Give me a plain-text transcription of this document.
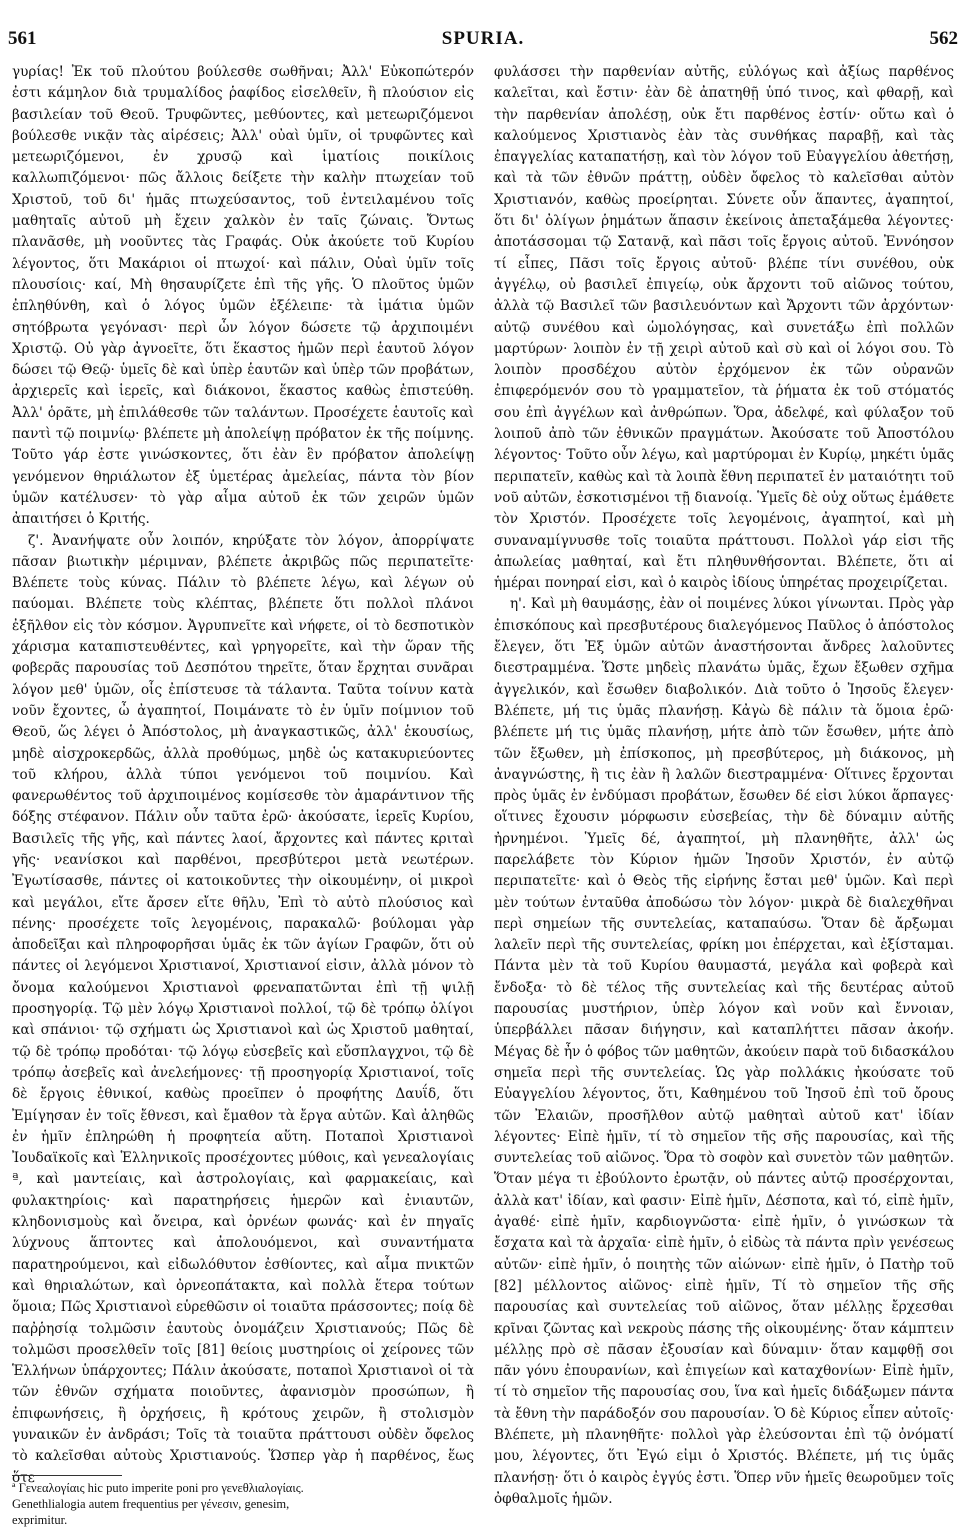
561	SPURIA.	562

γυρίας! Ἐκ τοῦ πλούτου βούλεσθε σωθῆναι; Ἀλλ' Εὐκοπώτερόν ἐστι κάμηλον διὰ τρυμαλίδος ῥαφίδος εἰσελθεῖν, ἢ πλούσιον εἰς βασιλείαν τοῦ Θεοῦ. Τρυφῶντες, μεθύοντες, καὶ μετεωριζόμενοι βούλεσθε νικᾷν τὰς αἱρέσεις; Ἀλλ' οὐαὶ ὑμῖν, οἱ τρυφῶντες καὶ μετεωριζόμενοι, ἐν χρυσῷ καὶ ἱματίοις ποικίλοις καλλωπιζόμενοι· πῶς ἄλλοις δείξετε τὴν καλὴν πτωχείαν τοῦ Χριστοῦ, τοῦ δι' ἡμᾶς πτωχεύσαντος, τοῦ ἐντειλαμένου τοῖς μαθηταῖς αὐτοῦ μὴ ἔχειν χαλκὸν ἐν ταῖς ζώναις. Ὄντως πλανᾶσθε, μὴ νοοῦντες τὰς Γραφάς. Οὐκ ἀκούετε τοῦ Κυρίου λέγοντος, ὅτι Μακάριοι οἱ πτωχοί· καὶ πάλιν, Οὐαὶ ὑμῖν τοῖς πλουσίοις· καί, Μὴ θησαυρίζετε ἐπὶ τῆς γῆς. Ὁ πλοῦτος ὑμῶν ἐπληθύνθη, καὶ ὁ λόγος ὑμῶν ἐξέλειπε· τὰ ἱμάτια ὑμῶν σητόβρωτα γεγόνασι· περὶ ὧν λόγον δώσετε τῷ ἀρχιποιμένι Χριστῷ. Οὐ γὰρ ἀγνοεῖτε, ὅτι ἕκαστος ἡμῶν περὶ ἑαυτοῦ λόγον δώσει τῷ Θεῷ· ὑμεῖς δὲ καὶ ὑπὲρ ἑαυτῶν καὶ ὑπὲρ τῶν προβάτων, ἀρχιερεῖς καὶ ἱερεῖς, καὶ διάκονοι, ἕκαστος καθὼς ἐπιστεύθη. Ἀλλ' ὁρᾶτε, μὴ ἐπιλάθεσθε τῶν ταλάντων. Προσέχετε ἑαυτοῖς καὶ παντὶ τῷ ποιμνίῳ· βλέπετε μὴ ἀπολείψῃ πρόβατον ἐκ τῆς ποίμνης. Τοῦτο γάρ ἐστε γινώσκοντες, ὅτι ἐὰν ἓν πρόβατον ἀπολείψῃ γενόμενον θηριάλωτον ἐξ ὑμετέρας ἀμελείας, πάντα τὸν βίον ὑμῶν κατέλυσεν· τὸ γὰρ αἷμα αὐτοῦ ἐκ τῶν χειρῶν ὑμῶν ἀπαιτήσει ὁ Κριτής.

ζ'. Ἀνανήψατε οὖν λοιπόν, κηρύξατε τὸν λόγον, ἀπορρίψατε πᾶσαν βιωτικὴν μέριμναν, βλέπετε ἀκριβῶς πῶς περιπατεῖτε· Βλέπετε τοὺς κύνας. Πάλιν τὸ βλέπετε λέγω, καὶ λέγων οὐ παύομαι. Βλέπετε τοὺς κλέπτας, βλέπετε ὅτι πολλοὶ πλάνοι ἐξῆλθον εἰς τὸν κόσμον. Ἀγρυπνεῖτε καὶ νήφετε, οἱ τὸ δεσποτικὸν χάρισμα καταπιστευθέντες, καὶ γρηγορεῖτε, καὶ τὴν ὥραν τῆς φοβερᾶς παρουσίας τοῦ Δεσπότου τηρεῖτε, ὅταν ἔρχηται συνᾶραι λόγον μεθ' ὑμῶν, οἷς ἐπίστευσε τὰ τάλαντα. Ταῦτα τοίνυν κατὰ νοῦν ἔχοντες, ὦ ἀγαπητοί, Ποιμάνατε τὸ ἐν ὑμῖν ποίμνιον τοῦ Θεοῦ, ὥς λέγει ὁ Ἀπόστολος, μὴ ἀναγκαστικῶς, ἀλλ' ἑκουσίως, μηδὲ αἰσχροκερδῶς, ἀλλὰ προθύμως, μηδὲ ὡς κατακυριεύοντες τοῦ κλήρου, ἀλλὰ τύποι γενόμενοι τοῦ ποιμνίου. Καὶ φανερωθέντος τοῦ ἀρχιποιμένος κομίσεσθε τὸν ἀμαράντινον τῆς δόξης στέφανον. Πάλιν οὖν ταῦτα ἐρῶ· ἀκούσατε, ἱερεῖς Κυρίου, Βασιλεῖς τῆς γῆς, καὶ πάντες λαοί, ἄρχοντες καὶ πάντες κριταὶ γῆς· νεανίσκοι καὶ παρθένοι, πρεσβύτεροι μετὰ νεωτέρων. Ἐγωτίσασθε, πάντες οἱ κατοικοῦντες τὴν οἰκουμένην, οἱ μικροὶ καὶ μεγάλοι, εἴτε ἄρσεν εἴτε θῆλυ, Ἐπὶ τὸ αὐτὸ πλούσιος καὶ πένης· προσέχετε τοῖς λεγομένοις, παρακαλῶ· βούλομαι γὰρ ἀποδεῖξαι καὶ πληροφορῆσαι ὑμᾶς ἐκ τῶν ἁγίων Γραφῶν, ὅτι οὐ πάντες οἱ λεγόμενοι Χριστιανοί, Χριστιανοί εἰσιν, ἀλλὰ μόνον τὸ ὄνομα καλούμενοι Χριστιανοὶ φρεναπατῶνται ἐπὶ τῇ ψιλῇ προσηγορίᾳ. Τῷ μὲν λόγῳ Χριστιανοὶ πολλοί, τῷ δὲ τρόπῳ ὀλίγοι καὶ σπάνιοι· τῷ σχήματι ὡς Χριστιανοὶ καὶ ὡς Χριστοῦ μαθηταί, τῷ δὲ τρόπῳ προδόται· τῷ λόγῳ εὐσεβεῖς καὶ εὔσπλαγχνοι, τῷ δὲ τρόπῳ ἀσεβεῖς καὶ ἀνελεήμονες· τῇ προσηγορίᾳ Χριστιανοί, τοῖς δὲ ἔργοις ἐθνικοί, καθὼς προεῖπεν ὁ προφήτης Δαυΐδ, ὅτι Ἐμίγησαν ἐν τοῖς ἔθνεσι, καὶ ἔμαθον τὰ ἔργα αὐτῶν. Καὶ ἀληθῶς ἐν ἡμῖν ἐπληρώθη ἡ προφητεία αὕτη. Ποταποὶ Χριστιανοὶ Ἰουδαϊκοῖς καὶ Ἑλληνικοῖς προσέχοντες μύθοις, καὶ γενεαλογίαις ª, καὶ μαντείαις, καὶ ἀστρολογίαις, καὶ φαρμακείαις, καὶ φυλακτηρίοις· καὶ παρατηρήσεις ἡμερῶν καὶ ἐνιαυτῶν, κληδονισμοὺς καὶ ὄνειρα, καὶ ὀρνέων φωνάς· καὶ ἐν πηγαῖς λύχνους ἅπτοντες καὶ ἀπολουόμενοι, καὶ συναντήματα παρατηρούμενοι, καὶ εἰδωλόθυτον ἐσθίοντες, καὶ αἷμα πνικτῶν καὶ θηριαλώτων, καὶ ὀρνεοπάτακτα, καὶ πολλὰ ἕτερα τούτων ὅμοια; Πῶς Χριστιανοὶ εὑρεθῶσιν οἱ τοιαῦτα πράσσοντες; ποίᾳ δὲ παῤῥησίᾳ τολμῶσιν ἑαυτοὺς ὀνομάζειν Χριστιανούς; Πῶς δὲ τολμῶσι προσελθεῖν τοῖς [81] θείοις μυστηρίοις οἱ χείρονες τῶν Ἑλλήνων ὑπάρχοντες; Πάλιν ἀκούσατε, ποταποὶ Χριστιανοὶ οἱ τὰ τῶν ἐθνῶν σχήματα ποιοῦντες, ἀφανισμὸν προσώπων, ἢ ἐπιφωνήσεις, ἢ ὀρχήσεις, ἢ κρότους χειρῶν, ἢ στολισμὸν γυναικῶν ἐν ἀνδράσι; Τοῖς τὰ τοιαῦτα πράττουσι οὐδὲν ὄφελος τὸ καλεῖσθαι αὐτοὺς Χριστιανούς. Ὥσπερ γὰρ ἡ παρθένος, ἕως ὅτε

φυλάσσει τὴν παρθενίαν αὐτῆς, εὐλόγως καὶ ἀξίως παρθένος καλεῖται, καὶ ἔστιν· ἐὰν δὲ ἀπατηθῇ ὑπό τινος, καὶ φθαρῇ, καὶ τὴν παρθενίαν ἀπολέσῃ, οὐκ ἔτι παρθένος ἐστίν· οὕτω καὶ ὁ καλούμενος Χριστιανὸς ἐὰν τὰς συνθήκας παραβῇ, καὶ τὰς ἐπαγγελίας καταπατήσῃ, καὶ τὸν λόγον τοῦ Εὐαγγελίου ἀθετήσῃ, καὶ τὰ τῶν ἐθνῶν πράττῃ, οὐδὲν ὄφελος τὸ καλεῖσθαι αὐτὸν Χριστιανόν, καθὼς προείρηται. Σύνετε οὖν ἅπαντες, ἀγαπητοί, ὅτι δι' ὀλίγων ῥημάτων ἅπασιν ἐκείνοις ἀπεταξάμεθα λέγοντες· ἀποτάσσομαι τῷ Σατανᾷ, καὶ πᾶσι τοῖς ἔργοις αὐτοῦ. Ἐννόησον τί εἶπες, Πᾶσι τοῖς ἔργοις αὐτοῦ· βλέπε τίνι συνέθου, οὐκ ἀγγέλῳ, οὐ βασιλεῖ ἐπιγείῳ, οὐκ ἄρχοντι τοῦ αἰῶνος τούτου, ἀλλὰ τῷ Βασιλεῖ τῶν βασιλευόντων καὶ Ἄρχοντι τῶν ἀρχόντων· αὐτῷ συνέθου καὶ ὡμολόγησας, καὶ συνετάξω ἐπὶ πολλῶν μαρτύρων· λοιπὸν ἐν τῇ χειρὶ αὐτοῦ καὶ σὺ καὶ οἱ λόγοι σου. Τὸ λοιπὸν προσδέχου αὐτὸν ἐρχόμενον ἐκ τῶν οὐρανῶν ἐπιφερόμενόν σου τὸ γραμματεῖον, τὰ ῥήματα ἐκ τοῦ στόματός σου ἐπὶ ἀγγέλων καὶ ἀνθρώπων. Ὅρα, ἀδελφέ, καὶ φύλαξον τοῦ λοιποῦ ἀπὸ τῶν ἐθνικῶν πραγμάτων. Ἀκούσατε τοῦ Ἀποστόλου λέγοντος· Τοῦτο οὖν λέγω, καὶ μαρτύρομαι ἐν Κυρίῳ, μηκέτι ὑμᾶς περιπατεῖν, καθὼς καὶ τὰ λοιπὰ ἔθνη περιπατεῖ ἐν ματαιότητι τοῦ νοῦ αὐτῶν, ἐσκοτισμένοι τῇ διανοίᾳ. Ὑμεῖς δὲ οὐχ οὕτως ἐμάθετε τὸν Χριστόν. Προσέχετε τοῖς λεγομένοις, ἀγαπητοί, καὶ μὴ συναναμίγνυσθε τοῖς τοιαῦτα πράττουσι. Πολλοὶ γάρ εἰσι τῆς ἀπωλείας μαθηταί, καὶ ἔτι πληθυνθήσονται. Βλέπετε, ὅτι αἱ ἡμέραι πονηραί εἰσι, καὶ ὁ καιρὸς ἰδίους ὑπηρέτας προχειρίζεται.

η'. Καὶ μὴ θαυμάσῃς, ἐὰν οἱ ποιμένες λύκοι γίνωνται. Πρὸς γὰρ ἐπισκόπους καὶ πρεσβυτέρους διαλεγόμενος Παῦλος ὁ ἀπόστολος ἔλεγεν, ὅτι Ἐξ ὑμῶν αὐτῶν ἀναστήσονται ἄνδρες λαλοῦντες διεστραμμένα. Ὥστε μηδεὶς πλανάτω ὑμᾶς, ἔχων ἔξωθεν σχῆμα ἀγγελικόν, καὶ ἔσωθεν διαβολικόν. Διὰ τοῦτο ὁ Ἰησοῦς ἔλεγεν· Βλέπετε, μή τις ὑμᾶς πλανήσῃ. Κἀγὼ δὲ πάλιν τὰ ὅμοια ἐρῶ· βλέπετε μή τις ὑμᾶς πλανήσῃ, μήτε ἀπὸ τῶν ἔσωθεν, μήτε ἀπὸ τῶν ἔξωθεν, μὴ ἐπίσκοπος, μὴ πρεσβύτερος, μὴ διάκονος, μὴ ἀναγνώστης, ἢ τις ἐὰν ἢ λαλῶν διεστραμμένα· Οἵτινες ἔρχονται πρὸς ὑμᾶς ἐν ἐνδύμασι προβάτων, ἔσωθεν δέ εἰσι λύκοι ἅρπαγες· οἵτινες ἔχουσιν μόρφωσιν εὐσεβείας, τὴν δὲ δύναμιν αὐτῆς ἠρνημένοι. Ὑμεῖς δέ, ἀγαπητοί, μὴ πλανηθῆτε, ἀλλ' ὡς παρελάβετε τὸν Κύριον ἡμῶν Ἰησοῦν Χριστόν, ἐν αὐτῷ περιπατεῖτε· καὶ ὁ Θεὸς τῆς εἰρήνης ἔσται μεθ' ὑμῶν. Καὶ περὶ μὲν τούτων ἐνταῦθα ἀποδώσω τὸν λόγον· μικρὰ δὲ διαλεχθῆναι περὶ σημείων τῆς συντελείας, καταπαύσω. Ὅταν δὲ ἄρξωμαι λαλεῖν περὶ τῆς συντελείας, φρίκη μοι ἐπέρχεται, καὶ ἐξίσταμαι. Πάντα μὲν τὰ τοῦ Κυρίου θαυμαστά, μεγάλα καὶ φοβερὰ καὶ ἔνδοξα· τὸ δὲ τέλος τῆς συντελείας καὶ τῆς δευτέρας αὐτοῦ παρουσίας μυστήριον, ὑπὲρ λόγον καὶ νοῦν καὶ ἔννοιαν, ὑπερβάλλει πᾶσαν διήγησιν, καὶ καταπλήττει πᾶσαν ἀκοήν. Μέγας δὲ ἦν ὁ φόβος τῶν μαθητῶν, ἀκούειν παρὰ τοῦ διδασκάλου σημεῖα περὶ τῆς συντελείας. Ὡς γὰρ πολλάκις ἠκούσατε τοῦ Εὐαγγελίου λέγοντος, ὅτι, Καθημένου τοῦ Ἰησοῦ ἐπὶ τοῦ ὄρους τῶν Ἐλαιῶν, προσῆλθον αὐτῷ μαθηταὶ αὐτοῦ κατ' ἰδίαν λέγοντες· Εἰπὲ ἡμῖν, τί τὸ σημεῖον τῆς σῆς παρουσίας, καὶ τῆς συντελείας τοῦ αἰῶνος. Ὅρα τὸ σοφὸν καὶ συνετὸν τῶν μαθητῶν. Ὅταν μέγα τι ἐβούλοντο ἐρωτᾷν, οὐ πάντες αὐτῷ προσέρχονται, ἀλλὰ κατ' ἰδίαν, καὶ φασιν· Εἰπὲ ἡμῖν, Δέσποτα, καὶ τό, εἰπὲ ἡμῖν, ἀγαθέ· εἰπὲ ἡμῖν, καρδιογνῶστα· εἰπὲ ἡμῖν, ὁ γινώσκων τὰ ἔσχατα καὶ τὰ ἀρχαῖα· εἰπὲ ἡμῖν, ὁ εἰδὼς τὰ πάντα πρὶν γενέσεως αὐτῶν· εἰπὲ ἡμῖν, ὁ ποιητὴς τῶν αἰώνων· εἰπὲ ἡμῖν, ὁ Πατὴρ τοῦ [82] μέλλοντος αἰῶνος· εἰπὲ ἡμῖν, Τί τὸ σημεῖον τῆς σῆς παρουσίας καὶ συντελείας τοῦ αἰῶνος, ὅταν μέλλῃς ἔρχεσθαι κρῖναι ζῶντας καὶ νεκροὺς πάσης τῆς οἰκουμένης· ὅταν κάμπτειν μέλλῃς πρὸ σὲ πᾶσαν ἐξουσίαν καὶ δύναμιν· ὅταν καμφθῇ σοι πᾶν γόνυ ἐπουρανίων, καὶ ἐπιγείων καὶ καταχθονίων· Εἰπὲ ἡμῖν, τί τὸ σημεῖον τῆς παρουσίας σου, ἵνα καὶ ἡμεῖς διδάξωμεν πάντα τὰ ἔθνη τὴν παράδοξόν σου παρουσίαν. Ὁ δὲ Κύριος εἶπεν αὐτοῖς· Βλέπετε, μὴ πλανηθῆτε· πολλοὶ γὰρ ἐλεύσονται ἐπὶ τῷ ὀνόματί μου, λέγοντες, ὅτι Ἐγώ εἰμι ὁ Χριστός. Βλέπετε, μή τις ὑμᾶς πλανήσῃ· ὅτι ὁ καιρὸς ἐγγύς ἐστι. Ὅπερ νῦν ἡμεῖς θεωροῦμεν τοῖς ὀφθαλμοῖς ἡμῶν.

ª Γενεαλογίαις hic puto imperite poni pro γενεθλιαλογίαις.
Genethlialogia autem frequentius per γένεσιν, genesim,
exprimitur.
